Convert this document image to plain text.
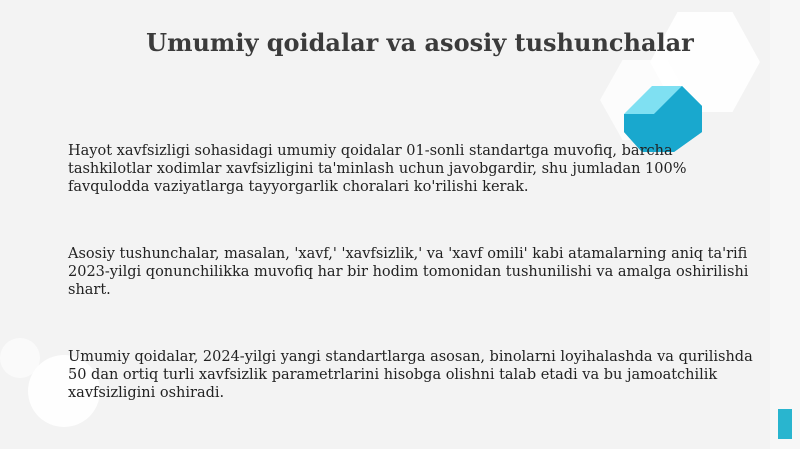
Umumiy qoidalar va asosiy tushunchalar

Hayot xavfsizligi sohasidagi umumiy qoidalar 01-sonli standartga muvofiq, barcha tashkilotlar xodimlar xavfsizligini ta'minlash uchun javobgardir, shu jumladan 100% favqulodda vaziyatlarga tayyorgarlik choralari ko'rilishi kerak.

Asosiy tushunchalar, masalan, 'xavf,' 'xavfsizlik,' va 'xavf omili' kabi atamalarning aniq ta'rifi 2023-yilgi qonunchilikka muvofiq har bir hodim tomonidan tushunilishi va amalga oshirilishi shart.

Umumiy qoidalar, 2024-yilgi yangi standartlarga asosan, binolarni loyihalashda va qurilishda 50 dan ortiq turli xavfsizlik parametrlarini hisobga olishni talab etadi va bu jamoatchilik xavfsizligini oshiradi.
